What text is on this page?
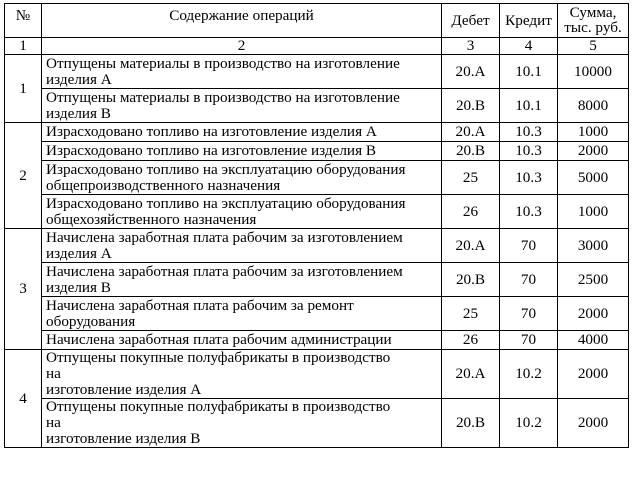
№	Содержание операций	Дебет	Кредит	Сумма,
тыс. руб.
1	2	3	4	5
1	Отпущены материалы в производство на изготовление изделия А	20.А	10.1	10000
	Отпущены материалы в производство на изготовление изделия В	20.В	10.1	8000
2	Израсходовано топливо на изготовление изделия А	20.А	10.3	1000
	Израсходовано топливо на изготовление изделия В	20.В	10.3	2000
	Израсходовано топливо на эксплуатацию оборудования общепроизводственного назначения	25	10.3	5000
	Израсходовано топливо на эксплуатацию оборудования общехозяйственного назначения	26	10.3	1000
3	Начислена заработная плата рабочим за изготовлением изделия А	20.А	70	3000
	Начислена заработная плата рабочим за изготовлением изделия В	20.В	70	2500
	Начислена заработная плата рабочим за ремонт оборудования	25	70	2000
	Начислена заработная плата рабочим администрации	26	70	4000
4	Отпущены покупные полуфабрикаты в производство
на
изготовление изделия А	20.А	10.2	2000
	Отпущены покупные полуфабрикаты в производство
на
изготовление изделия В	20.В	10.2	2000
